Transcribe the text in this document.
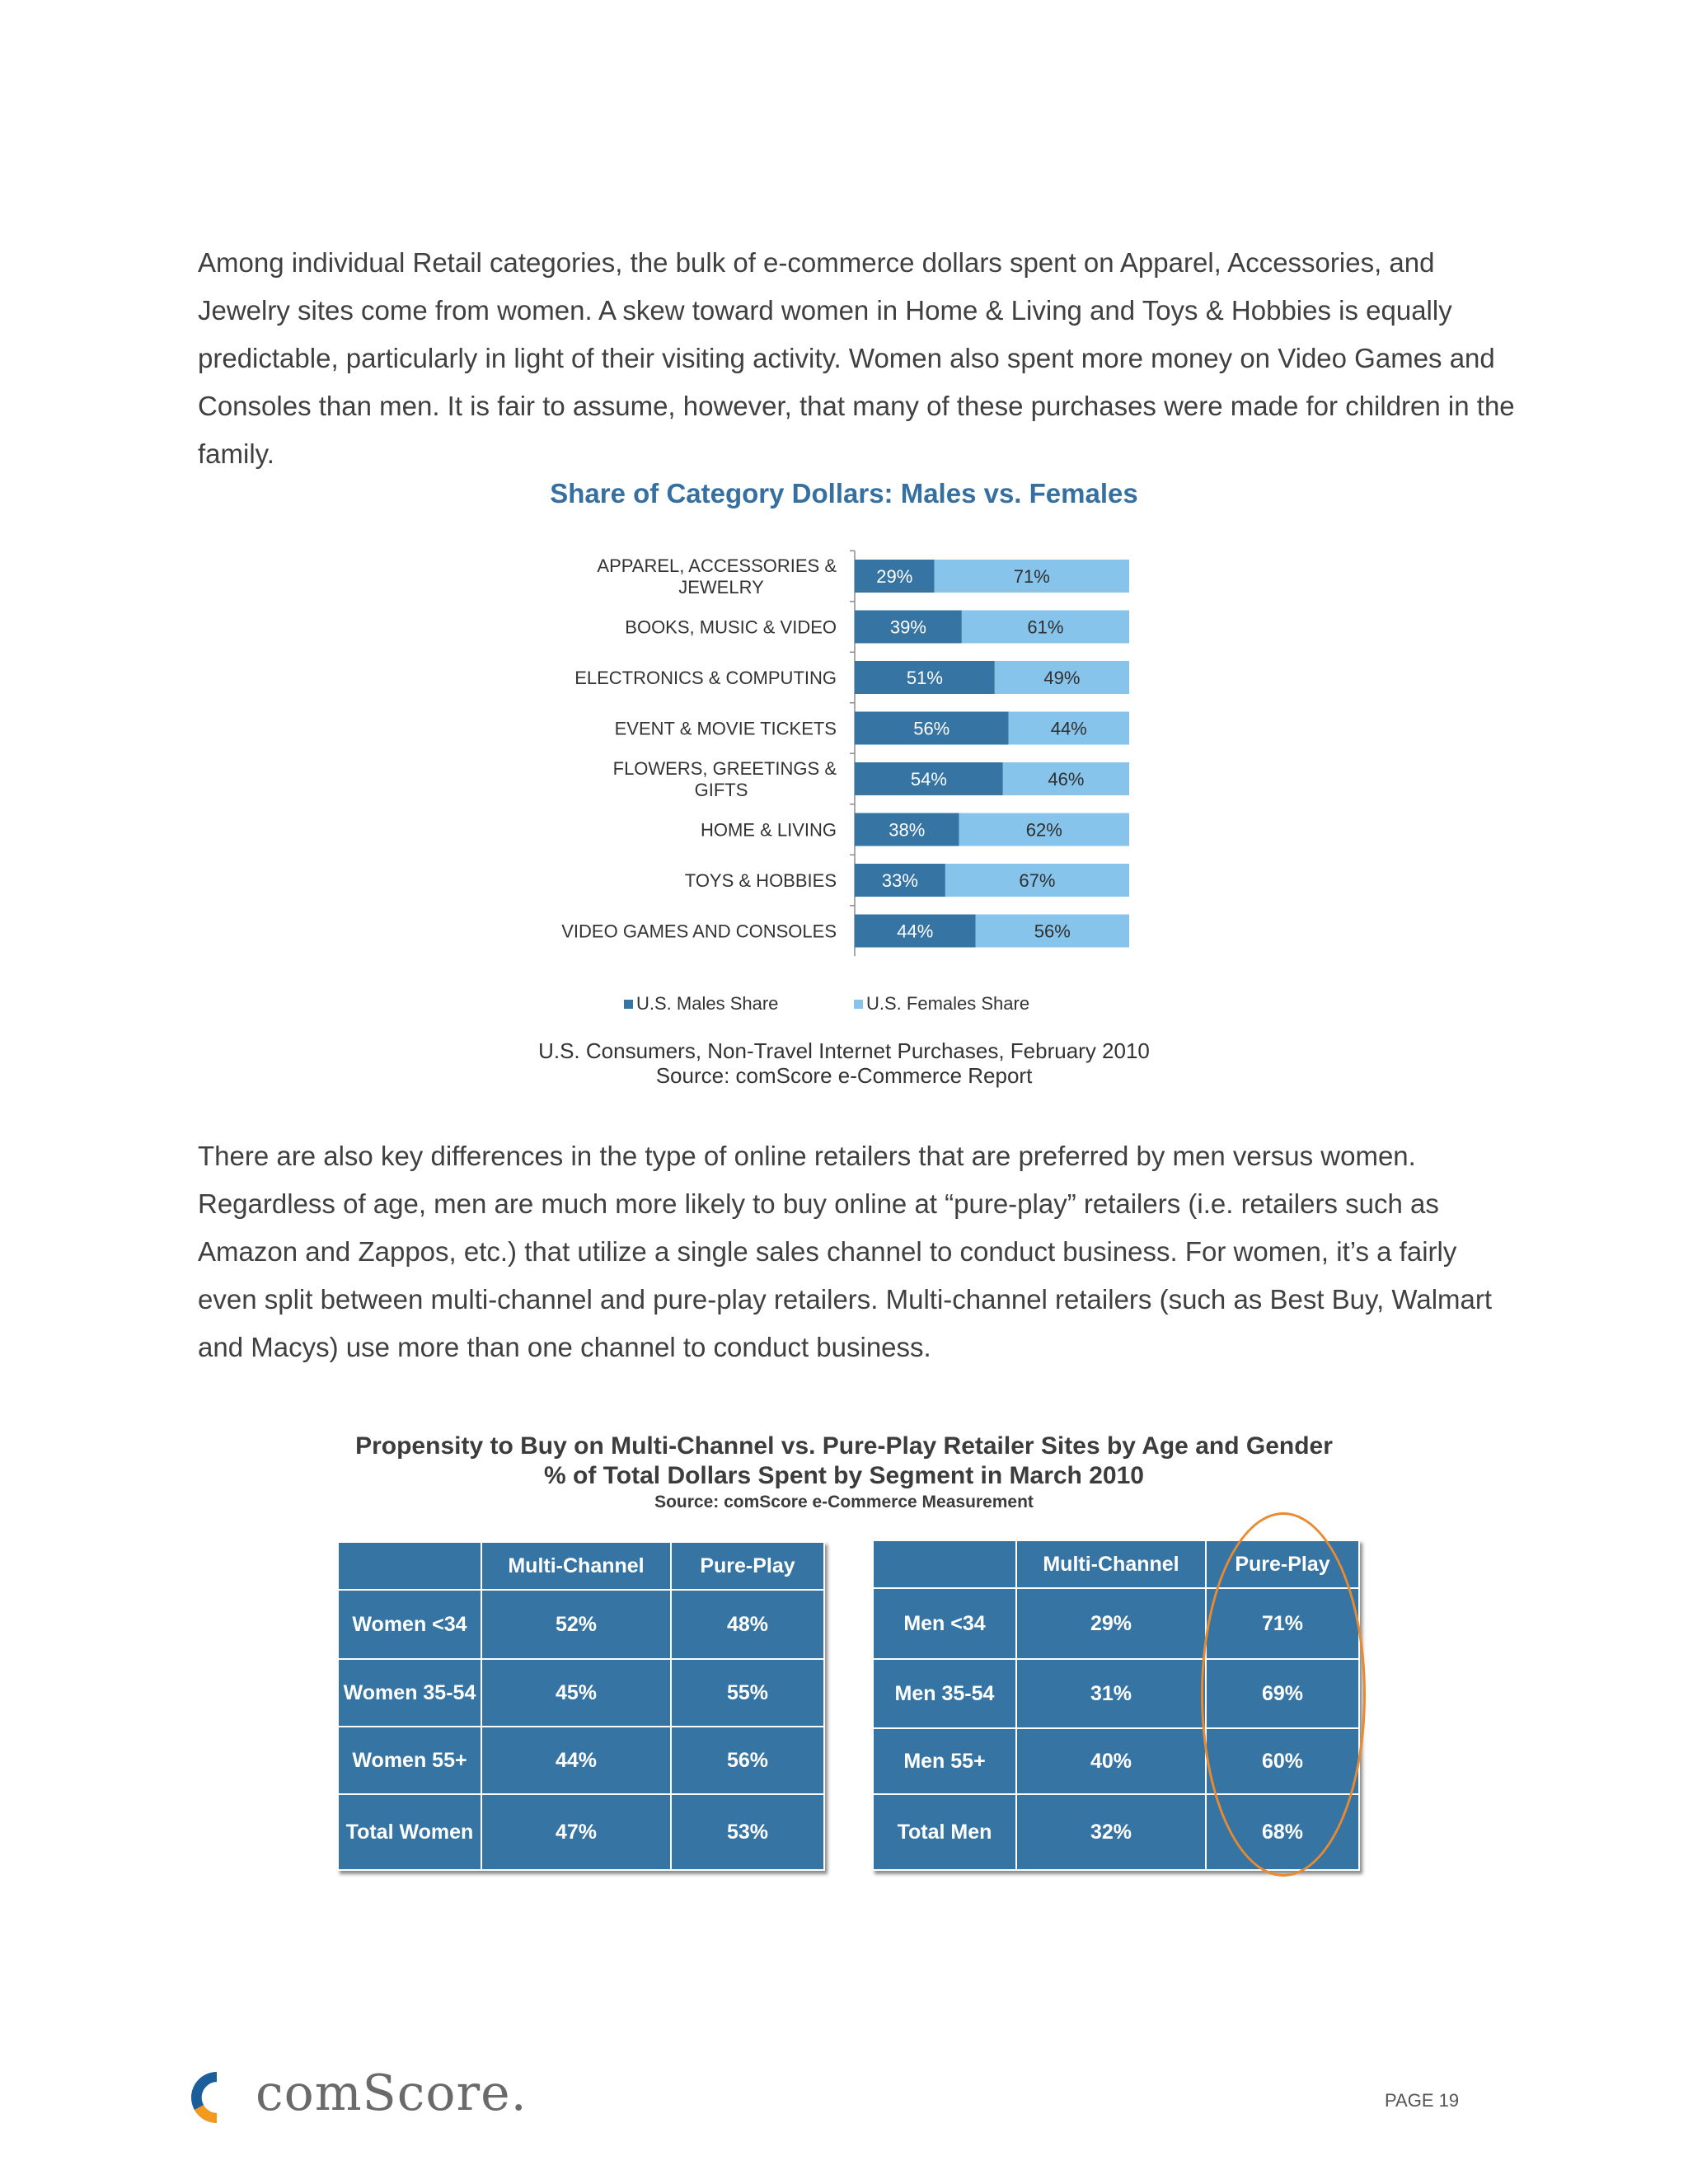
Among individual Retail categories, the bulk of e-commerce dollars spent on Apparel, Accessories, and Jewelry sites come from women. A skew toward women in Home & Living and Toys & Hobbies is equally predictable, particularly in light of their visiting activity. Women also spent more money on Video Games and Consoles than men. It is fair to assume, however, that many of these purchases were made for children in the family.

Share of Category Dollars: Males vs. Females
APPAREL, ACCESSORIES &
JEWELRY
29%	71%
BOOKS, MUSIC & VIDEO	39%	61%
ELECTRONICS & COMPUTING	51%	49%
EVENT & MOVIE TICKETS	56%	44%
FLOWERS, GREETINGS &
GIFTS
54%	46%
HOME & LIVING	38%	62%
TOYS & HOBBIES 33%	67%
VIDEO GAMES AND CONSOLES	44%	56%
U.S. Males Share	U.S. Females Share
U.S. Consumers, Non-Travel Internet Purchases, February 2010
Source: comScore e-Commerce Report

There are also key differences in the type of online retailers that are preferred by men versus women. Regardless of age, men are much more likely to buy online at “pure-play” retailers (i.e. retailers such as Amazon and Zappos, etc.) that utilize a single sales channel to conduct business. For women, it’s a fairly even split between multi-channel and pure-play retailers. Multi-channel retailers (such as Best Buy, Walmart and Macys) use more than one channel to conduct business.

Propensity to Buy on Multi-Channel vs. Pure-Play Retailer Sites by Age and Gender
% of Total Dollars Spent by Segment in March 2010
Source: comScore e-Commerce Measurement
	Multi-Channel	Pure-Play
Women <34	52%	48%
Women 35-54	45%	55%
Women 55+	44%	56%
Total Women	47%	53%
	Multi-Channel	Pure-Play
Men <34	29%	71%
Men 35-54	31%	69%
Men 55+	40%	60%
Total Men	32%	68%
comScore.	PAGE 19
